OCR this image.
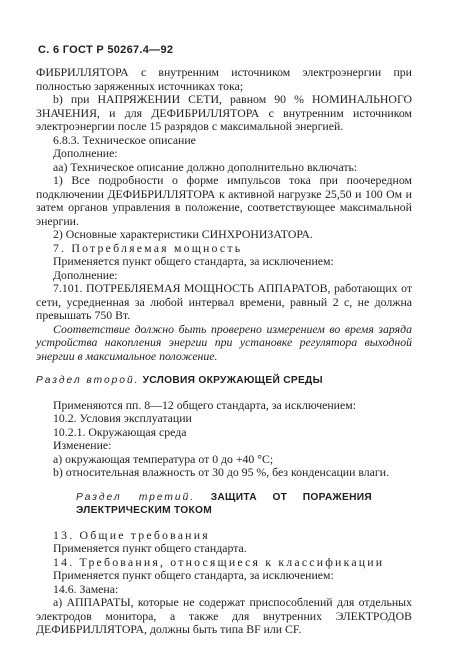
С. 6 ГОСТ Р 50267.4—92

ФИБРИЛЛЯТОРА с внутренним источником электроэнергии при полностью заряженных источниках тока;

b) при НАПРЯЖЕНИИ СЕТИ, равном 90 % НОМИНАЛЬНОГО ЗНАЧЕНИЯ, и для ДЕФИБРИЛЛЯТОРА с внутренним источником электроэнергии после 15 разрядов с максимальной энергией.

6.8.3. Техническое описание

Дополнение:

aa) Техническое описание должно дополнительно включать:

1) Все подробности о форме импульсов тока при поочередном подключении ДЕФИБРИЛЛЯТОРА к активной нагрузке 25,50 и 100 Ом и затем органов управления в положение, соответствующее максимальной энергии.

2) Основные характеристики СИНХРОНИЗАТОРА.

7. Потребляемая мощность

Применяется пункт общего стандарта, за исключением:

Дополнение:

7.101. ПОТРЕБЛЯЕМАЯ МОЩНОСТЬ АППАРАТОВ, работающих от сети, усредненная за любой интервал времени, равный 2 с, не должна превышать 750 Вт.

Соответствие должно быть проверено измерением во время заряда устройства накопления энергии при установке регулятора выходной энергии в максимальное положение.

Раздел второй. УСЛОВИЯ ОКРУЖАЮЩЕЙ СРЕДЫ

Применяются пп. 8—12 общего стандарта, за исключением:

10.2. Условия эксплуатации

10.2.1. Окружающая среда

Изменение:

a) окружающая температура от 0 до +40 °С;

b) относительная влажность от 30 до 95 %, без конденсации влаги.

Раздел третий. ЗАЩИТА ОТ ПОРАЖЕНИЯ ЭЛЕКТРИЧЕСКИМ ТОКОМ

13. Общие требования

Применяется пункт общего стандарта.

14. Требования, относящиеся к классификации

Применяется пункт общего стандарта, за исключением:

14.6. Замена:

a) АППАРАТЫ, которые не содержат приспособлений для отдельных электродов монитора, а также для внутренних ЭЛЕКТРОДОВ ДЕФИБРИЛЛЯТОРА, должны быть типа BF или CF.
